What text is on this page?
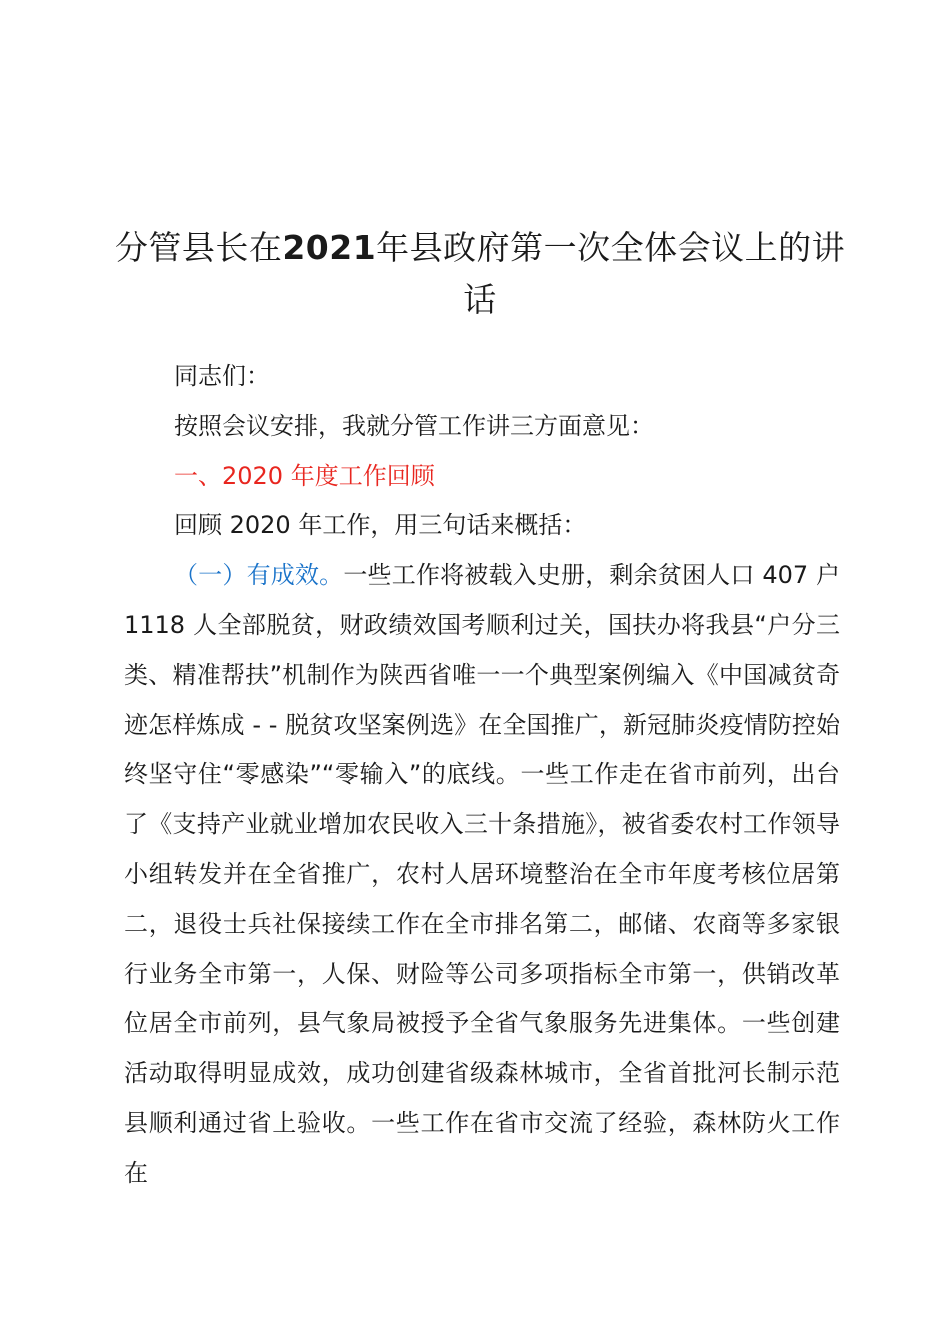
分管县长在2021年县政府第一次全体会议上的讲话

同志们：

按照会议安排，我就分管工作讲三方面意见：

一、2020 年度工作回顾

回顾 2020 年工作，用三句话来概括：

（一）有成效。一些工作将被载入史册，剩余贫困人口 407 户 1118 人全部脱贫，财政绩效国考顺利过关，国扶办将我县“户分三类、精准帮扶”机制作为陕西省唯一一个典型案例编入《中国减贫奇迹怎样炼成 - - 脱贫攻坚案例选》在全国推广，新冠肺炎疫情防控始终坚守住“零感染”“零输入”的底线。一些工作走在省市前列，出台了《支持产业就业增加农民收入三十条措施》，被省委农村工作领导小组转发并在全省推广，农村人居环境整治在全市年度考核位居第二，退役士兵社保接续工作在全市排名第二，邮储、农商等多家银行业务全市第一，人保、财险等公司多项指标全市第一，供销改革位居全市前列，县气象局被授予全省气象服务先进集体。一些创建活动取得明显成效，成功创建省级森林城市，全省首批河长制示范县顺利通过省上验收。一些工作在省市交流了经验，森林防火工作在
